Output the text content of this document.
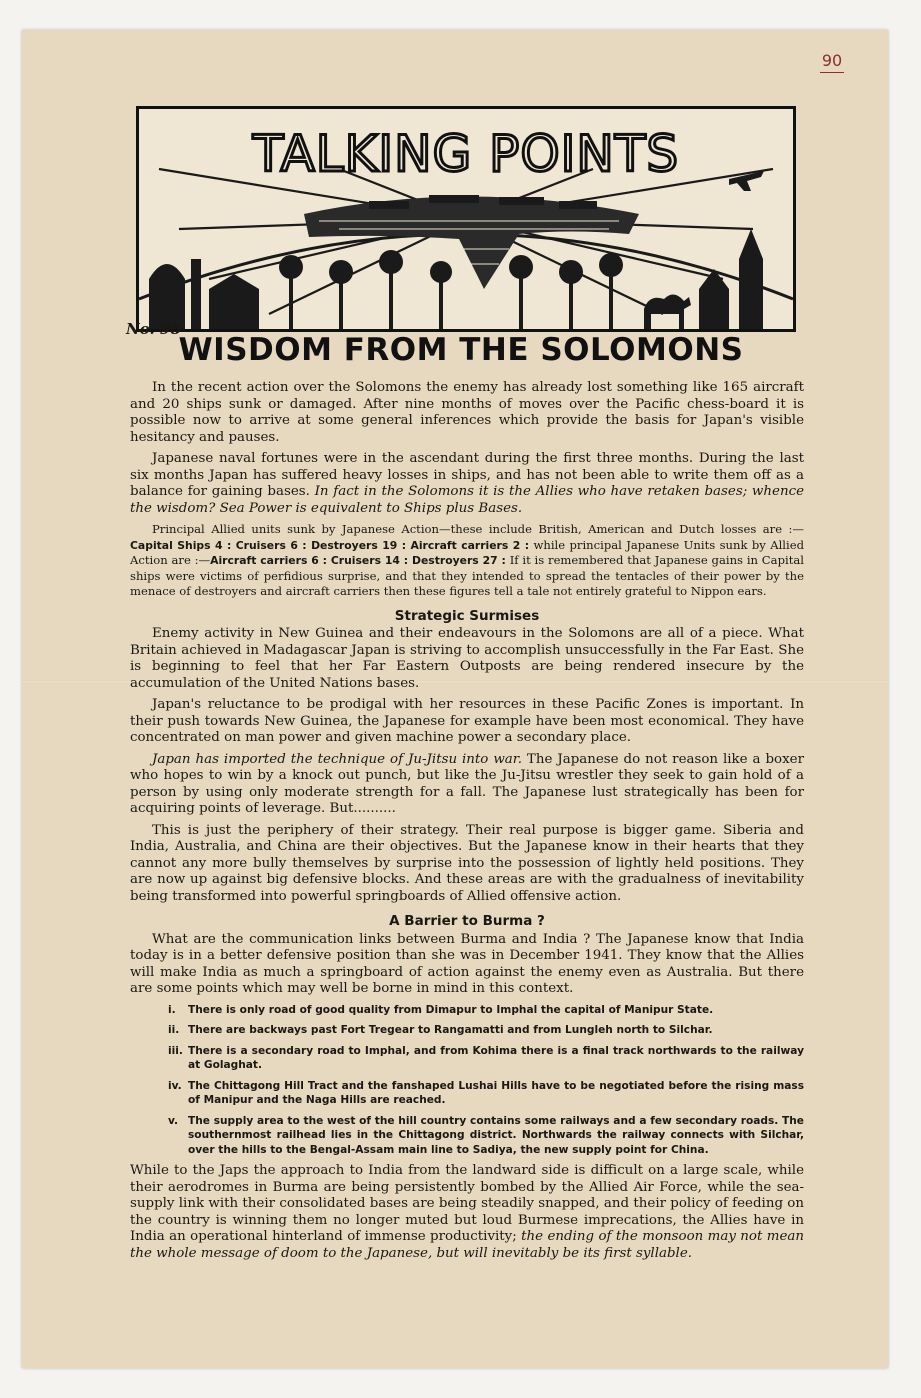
90
TALKING POINTS
No. 98
WISDOM FROM THE SOLOMONS

In the recent action over the Solomons the enemy has already lost something like 165 aircraft and 20 ships sunk or damaged. After nine months of moves over the Pacific chess-board it is possible now to arrive at some general inferences which provide the basis for Japan's visible hesitancy and pauses.

Japanese naval fortunes were in the ascendant during the first three months. During the last six months Japan has suffered heavy losses in ships, and has not been able to write them off as a balance for gaining bases. In fact in the Solomons it is the Allies who have retaken bases; whence the wisdom? Sea Power is equivalent to Ships plus Bases.

Principal Allied units sunk by Japanese Action—these include British, American and Dutch losses are :— Capital Ships 4 : Cruisers 6 : Destroyers 19 : Aircraft carriers 2 : while principal Japanese Units sunk by Allied Action are :—Aircraft carriers 6 : Cruisers 14 : Destroyers 27 : If it is remembered that Japanese gains in Capital ships were victims of perfidious surprise, and that they intended to spread the tentacles of their power by the menace of destroyers and aircraft carriers then these figures tell a tale not entirely grateful to Nippon ears.

Strategic Surmises

Enemy activity in New Guinea and their endeavours in the Solomons are all of a piece. What Britain achieved in Madagascar Japan is striving to accomplish unsuccessfully in the Far East. She is beginning to feel that her Far Eastern Outposts are being rendered insecure by the accumulation of the United Nations bases.

Japan's reluctance to be prodigal with her resources in these Pacific Zones is important. In their push towards New Guinea, the Japanese for example have been most economical. They have concentrated on man power and given machine power a secondary place.

Japan has imported the technique of Ju-Jitsu into war. The Japanese do not reason like a boxer who hopes to win by a knock out punch, but like the Ju-Jitsu wrestler they seek to gain hold of a person by using only moderate strength for a fall. The Japanese lust strategically has been for acquiring points of leverage. But..........

This is just the periphery of their strategy. Their real purpose is bigger game. Siberia and India, Australia, and China are their objectives. But the Japanese know in their hearts that they cannot any more bully themselves by surprise into the possession of lightly held positions. They are now up against big defensive blocks. And these areas are with the gradualness of inevitability being transformed into powerful springboards of Allied offensive action.

A Barrier to Burma ?

What are the communication links between Burma and India ? The Japanese know that India today is in a better defensive position than she was in December 1941. They know that the Allies will make India as much a springboard of action against the enemy even as Australia. But there are some points which may well be borne in mind in this context.

i.	There is only road of good quality from Dimapur to Imphal the capital of Manipur State.
ii. There are backways past Fort Tregear to Rangamatti and from Lungleh north to Silchar.
iii. There is a secondary road to Imphal, and from Kohima there is a final track northwards to the railway at Golaghat.
iv. The Chittagong Hill Tract and the fanshaped Lushai Hills have to be negotiated before the rising mass of Manipur and the Naga Hills are reached.
v. The supply area to the west of the hill country contains some railways and a few secondary roads. The southernmost railhead lies in the Chittagong district. Northwards the railway connects with Silchar, over the hills to the Bengal-Assam main line to Sadiya, the new supply point for China.

While to the Japs the approach to India from the landward side is difficult on a large scale, while their aerodromes in Burma are being persistently bombed by the Allied Air Force, while the sea-supply link with their consolidated bases are being steadily snapped, and their policy of feeding on the country is winning them no longer muted but loud Burmese imprecations, the Allies have in India an operational hinterland of immense productivity; the ending of the monsoon may not mean the whole message of doom to the Japanese, but will inevitably be its first syllable.
